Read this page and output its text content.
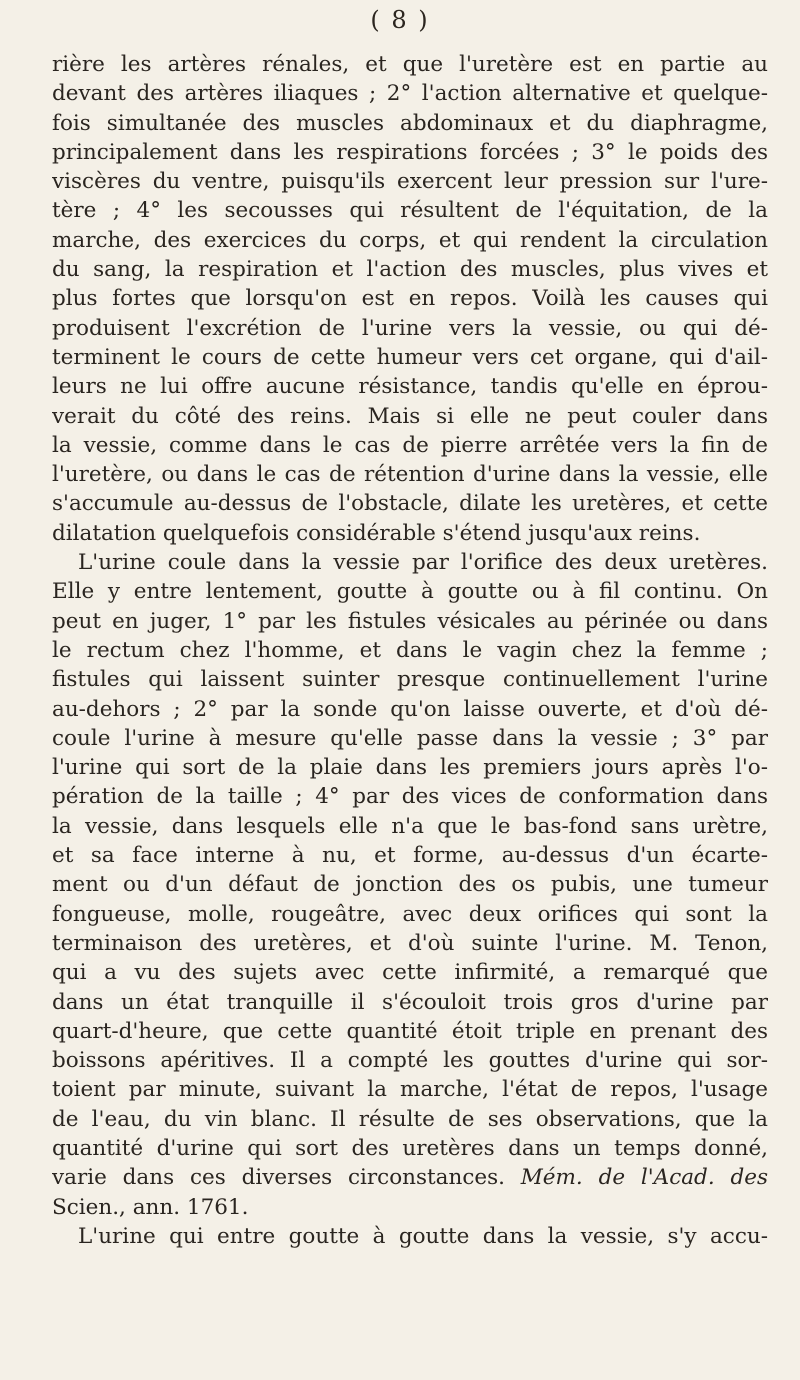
( 8 )
rière les artères rénales, et que l'uretère est en partie au
devant des artères iliaques ; 2° l'action alternative et quelque-
fois simultanée des muscles abdominaux et du diaphragme,
principalement dans les respirations forcées ; 3° le poids des
viscères du ventre, puisqu'ils exercent leur pression sur l'ure-
tère ; 4° les secousses qui résultent de l'équitation, de la
marche, des exercices du corps, et qui rendent la circulation
du sang, la respiration et l'action des muscles, plus vives et
plus fortes que lorsqu'on est en repos. Voilà les causes qui
produisent l'excrétion de l'urine vers la vessie, ou qui dé-
terminent le cours de cette humeur vers cet organe, qui d'ail-
leurs ne lui offre aucune résistance, tandis qu'elle en éprou-
verait du côté des reins. Mais si elle ne peut couler dans
la vessie, comme dans le cas de pierre arrêtée vers la fin de
l'uretère, ou dans le cas de rétention d'urine dans la vessie, elle
s'accumule au-dessus de l'obstacle, dilate les uretères, et cette
dilatation quelquefois considérable s'étend jusqu'aux reins.
L'urine coule dans la vessie par l'orifice des deux uretères.
Elle y entre lentement, goutte à goutte ou à fil continu. On
peut en juger, 1° par les fistules vésicales au périnée ou dans
le rectum chez l'homme, et dans le vagin chez la femme ;
fistules qui laissent suinter presque continuellement l'urine
au-dehors ; 2° par la sonde qu'on laisse ouverte, et d'où dé-
coule l'urine à mesure qu'elle passe dans la vessie ; 3° par
l'urine qui sort de la plaie dans les premiers jours après l'o-
pération de la taille ; 4° par des vices de conformation dans
la vessie, dans lesquels elle n'a que le bas-fond sans urètre,
et sa face interne à nu, et forme, au-dessus d'un écarte-
ment ou d'un défaut de jonction des os pubis, une tumeur
fongueuse, molle, rougeâtre, avec deux orifices qui sont la
terminaison des uretères, et d'où suinte l'urine. M. Tenon,
qui a vu des sujets avec cette infirmité, a remarqué que
dans un état tranquille il s'écouloit trois gros d'urine par
quart-d'heure, que cette quantité étoit triple en prenant des
boissons apéritives. Il a compté les gouttes d'urine qui sor-
toient par minute, suivant la marche, l'état de repos, l'usage
de l'eau, du vin blanc. Il résulte de ses observations, que la
quantité d'urine qui sort des uretères dans un temps donné,
varie dans ces diverses circonstances. Mém. de l'Acad. des
Scien., ann. 1761.
L'urine qui entre goutte à goutte dans la vessie, s'y accu-
